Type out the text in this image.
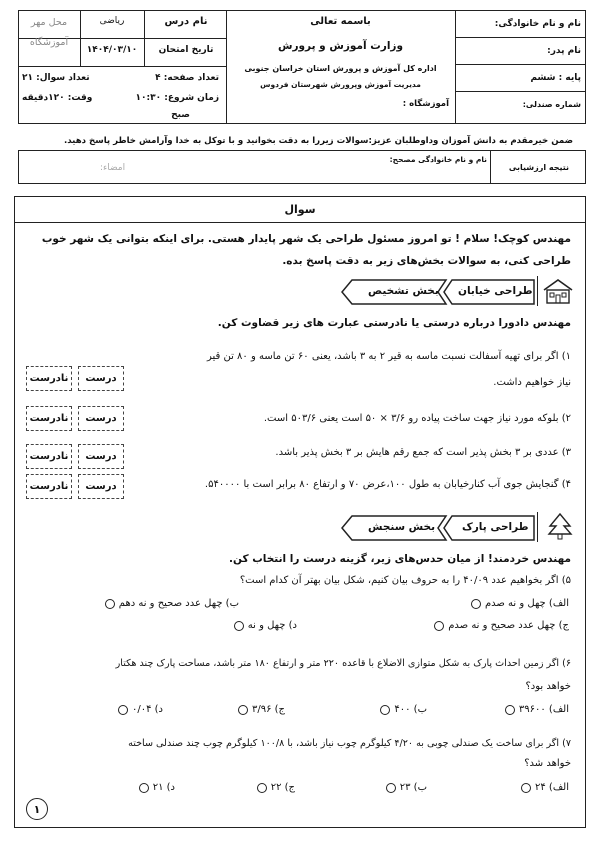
نام و نام خانوادگی:
نام پدر:
پایه : ششم
شماره صندلی:
باسمه تعالی
وزارت آموزش و پرورش
اداره کل آموزش و پرورش استان خراسان جنوبی
مدیریت آموزش وپرورش شهرستان فردوس
آموزشگاه :
نام درس
ریاضی
تاریخ امتحان
۱۴۰۴/۰۳/۱۰
محل مهر
آموزشگاه
تعداد صفحه: ۴
تعداد سوال: ۲۱
زمان شروع: ۱۰:۳۰
صبح
وقت: ۱۲۰دقیقه
ضمن خیرمقدم به دانش آموزان وداوطلبان عزیز:سوالات زیررا به دقت بخوانید و با توکل به خدا وآرامش خاطر پاسخ دهید.
نام و نام خانوادگی مصحح:
امضاء:	نتیجه ارزشیابی
سوال
مهندس کوچک! سلام ! تو امروز مسئول طراحی یک شهر پایدار هستی. برای اینکه بتوانی یک شهر خوب
طراحی کنی، به سوالات بخش‌های زیر به دقت پاسخ بده.
طراحی خیابان
بخش تشخیص
مهندس دادورا درباره درستی یا نادرستی عبارت های زیر قضاوت کن.
درست
نادرست
درست
نادرست
درست
نادرست
درست
نادرست
۱) اگر برای تهیه آسفالت نسبت ماسه به قیر ۲ به ۳ باشد، یعنی ۶۰ تن ماسه و ۸۰ تن قیر
نیاز خواهیم داشت.
۲) بلوکه مورد نیاز جهت ساخت پیاده رو ۳/۶ × ۵۰ است یعنی ۵۰۳/۶ است.
۳) عددی بر ۳ بخش پذیر است که جمع رقم هایش بر ۳ بخش پذیر باشد.
۴) گنجایش جوی آب کنارخیابان به طول ۱۰۰،عرض ۷۰ و ارتفاع ۸۰ برابر است با ۵۴۰۰۰۰.
طراحی پارک
بخش سنجش
مهندس خردمند! از میان حدس‌های زیر، گزینه درست را انتخاب کن.
۵) اگر بخواهیم عدد ۴۰/۰۹ را به حروف بیان کنیم، شکل بیان بهتر آن کدام است؟
الف) چهل و نه صدم
ب) چهل عدد صحیح و نه دهم
ج) چهل عدد صحیح و نه صدم
د) چهل و نه
۶) اگر زمین احداث پارک به شکل متوازی الاضلاع با قاعده ۲۲۰ متر و ارتفاع ۱۸۰ متر باشد، مساحت پارک چند هکتار
خواهد بود؟
الف) ۳۹۶۰۰
ب) ۴۰۰
ج) ۳/۹۶
د) ۰/۰۴
۷) اگر برای ساخت یک صندلی چوبی به ۴/۲۰ کیلوگرم چوب نیاز باشد، با ۱۰۰/۸ کیلوگرم چوب چند صندلی ساخته
خواهد شد؟
الف) ۲۴
ب) ۲۳
ج) ۲۲
د) ۲۱
۱
